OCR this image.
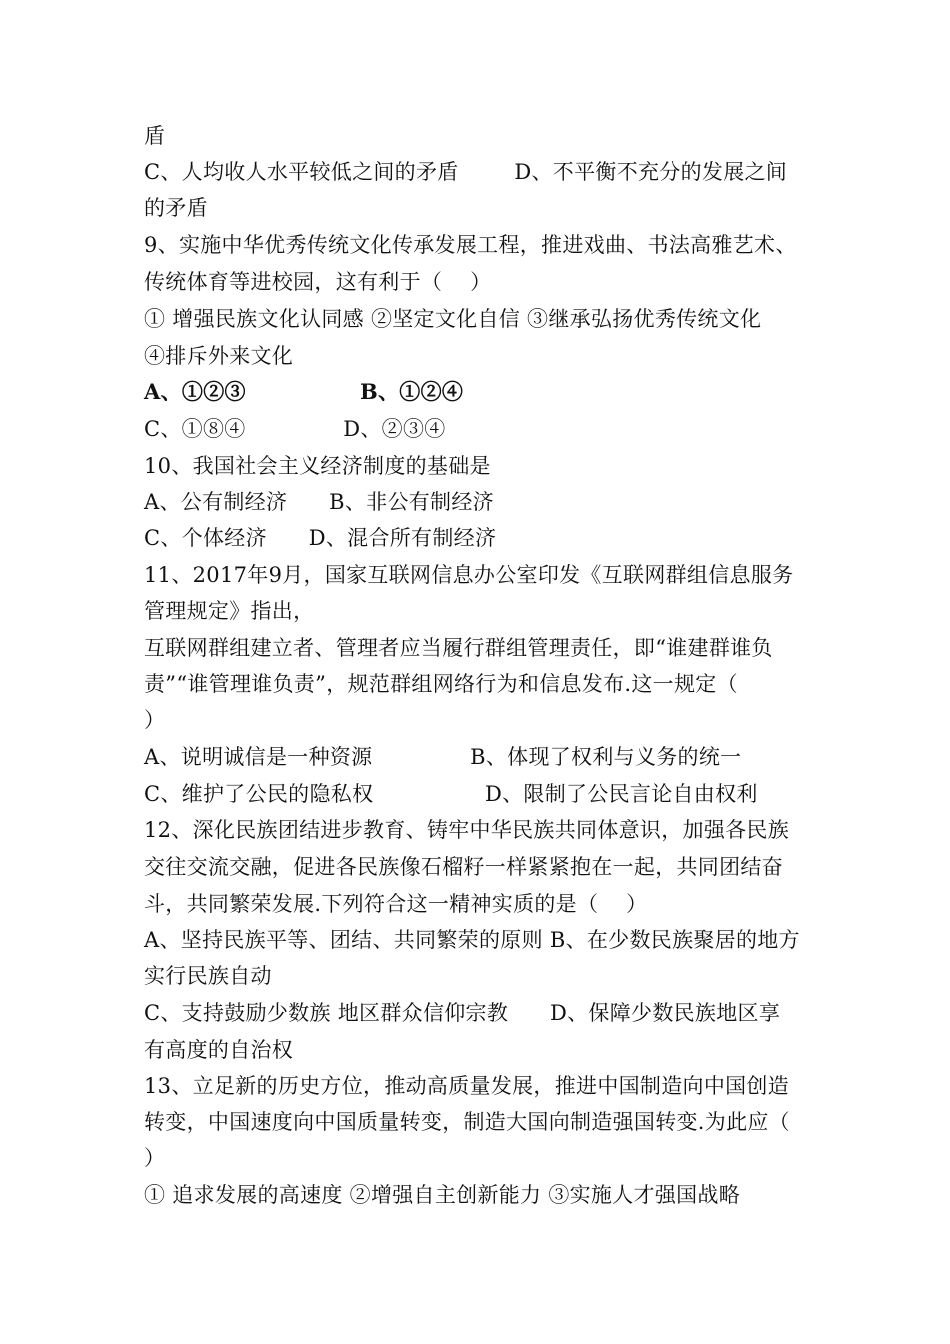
盾
C、人均收人水平较低之间的矛盾        D、不平衡不充分的发展之间
的矛盾
9、实施中华优秀传统文化传承发展工程，推进戏曲、书法高雅艺术、
传统体育等进校园，这有利于（    ）
① 增强民族文化认同感 ②坚定文化自信 ③继承弘扬优秀传统文化
④排斥外来文化
A、①②③               B、①②④
C、①⑧④              D、②③④
10、我国社会主义经济制度的基础是
A、公有制经济      B、非公有制经济
C、个体经济      D、混合所有制经济
11、2017年9月，国家互联网信息办公室印发《互联网群组信息服务
管理规定》指出，
互联网群组建立者、管理者应当履行群组管理责任，即“谁建群谁负
责”“谁管理谁负责”，规范群组网络行为和信息发布.这一规定（
）
A、说明诚信是一种资源              B、体现了权利与义务的统一
C、维护了公民的隐私权                D、限制了公民言论自由权利
12、深化民族团结进步教育、铸牢中华民族共同体意识，加强各民族
交往交流交融，促进各民族像石榴籽一样紧紧抱在一起，共同团结奋
斗，共同繁荣发展.下列符合这一精神实质的是（    ）
A、坚持民族平等、团结、共同繁荣的原则 B、在少数民族聚居的地方
实行民族自动
C、支持鼓励少数族 地区群众信仰宗教      D、保障少数民族地区享
有高度的自治权
13、立足新的历史方位，推动高质量发展，推进中国制造向中国创造
转变，中国速度向中国质量转变，制造大国向制造强国转变.为此应（
）
① 追求发展的高速度 ②增强自主创新能力 ③实施人才强国战略
